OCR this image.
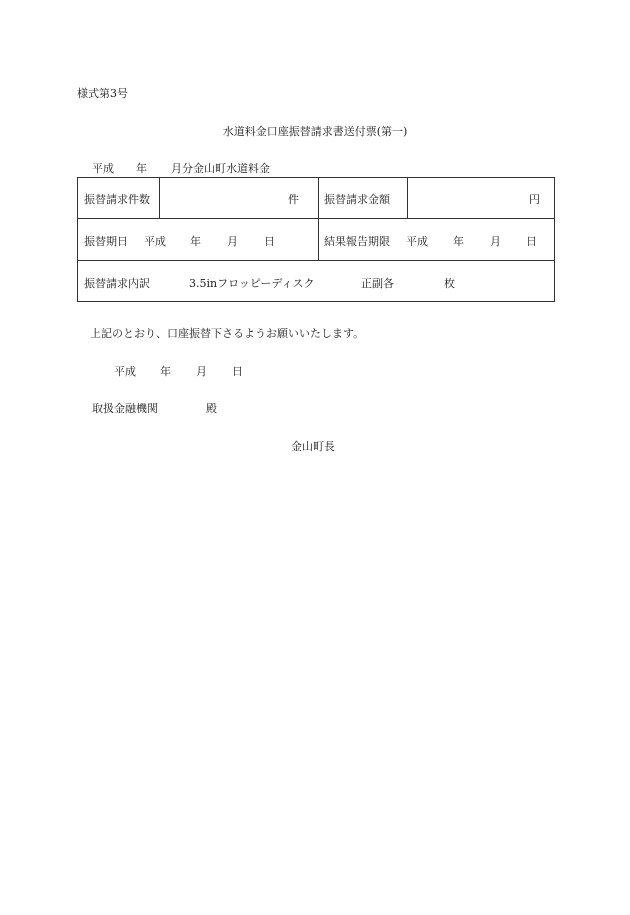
様式第3号
水道料金口座振替請求書送付票(第一)
平成 年 月分金山町水道料金
振替請求件数	件 振替請求金額	円
振替期日 平成 年 月 日	結果報告期限 平成 年 月 日
振替請求内訳	3.5inフロッピーディスク	正副各	枚
上記のとおり、口座振替下さるようお願いいたします。
平成 年 月 日
取扱金融機関	殿
金山町長
